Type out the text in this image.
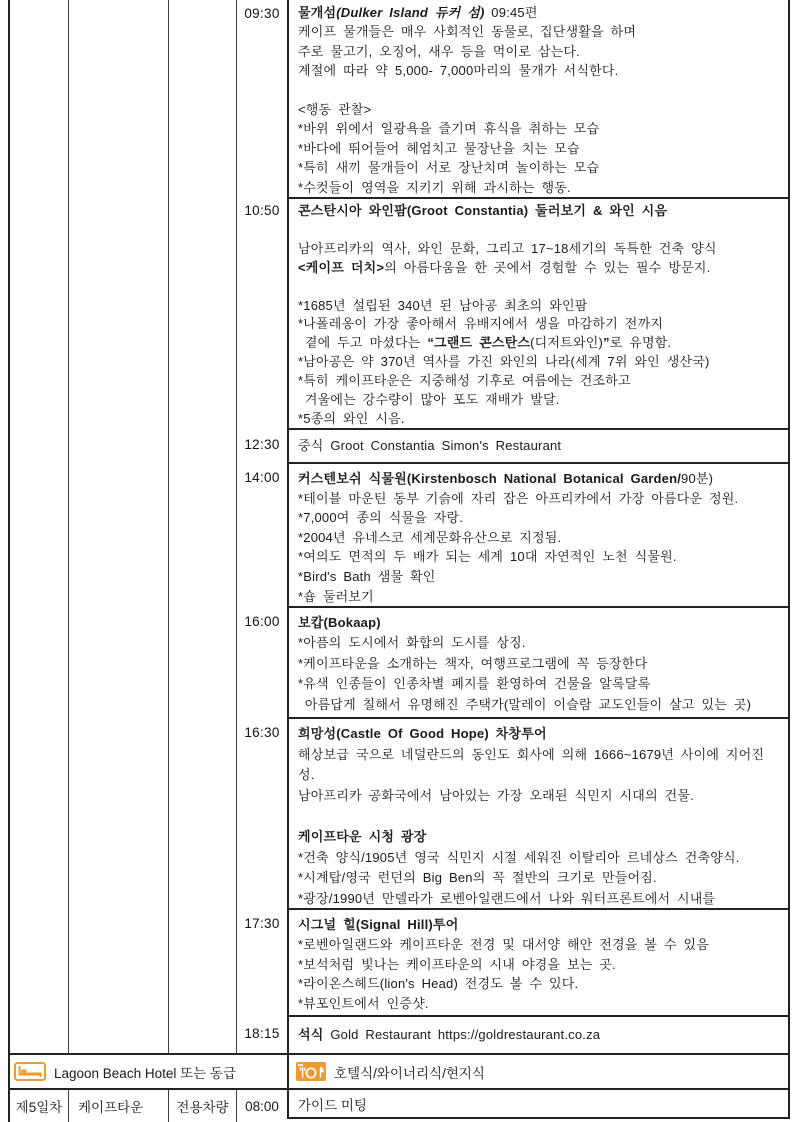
09:30	물개섬(Dulker Island 듀커 섬) 09:45편
케이프 물개들은 매우 사회적인 동물로, 집단생활을 하며
주로 물고기, 오징어, 새우 등을 먹이로 삼는다.
계절에 따라 약 5,000- 7,000마리의 물개가 서식한다.

<행동 관찰>
*바위 위에서 일광욕을 즐기며 휴식을 취하는 모습
*바다에 뛰어들어 헤엄치고 물장난을 치는 모습
*특히 새끼 물개들이 서로 장난치며 놀이하는 모습
*수컷들이 영역을 지키기 위해 과시하는 행동.
10:50	콘스탄시아 와인팜(Groot Constantia) 둘러보기 & 와인 시음

남아프리카의 역사, 와인 문화, 그리고 17~18세기의 독특한 건축 양식
<케이프 더치>의 아름다움을 한 곳에서 경험할 수 있는 필수 방문지.

*1685년 설립된 340년 된 남아공 최초의 와인팜
*나폴레옹이 가장 좋아해서 유배지에서 생을 마감하기 전까지
곁에 두고 마셨다는 “그랜드 콘스탄스(디저트와인)”로 유명함.
*남아공은 약 370년 역사를 가진 와인의 나라(세계 7위 와인 생산국)
*특히 케이프타운은 지중해성 기후로 여름에는 건조하고
겨울에는 강수량이 많아 포도 재배가 발달.
*5종의 와인 시음.
12:30	중식 Groot Constantia Simon's Restaurant
14:00	커스텐보쉬 식물원(Kirstenbosch National Botanical Garden/90분)
*테이블 마운틴 동부 기슭에 자리 잡은 아프리카에서 가장 아름다운 정원.
*7,000여 종의 식물을 자랑.
*2004년 유네스코 세계문화유산으로 지정됨.
*여의도 면적의 두 배가 되는 세계 10대 자연적인 노천 식물원.
*Bird's Bath 샘물 확인
*숍 둘러보기
16:00	보캅(Bokaap)
*아픔의 도시에서 화합의 도시를 상징.
*케이프타운을 소개하는 책자, 여행프로그램에 꼭 등장한다
*유색 인종들이 인종차별 폐지를 환영하여 건물을 알록달록
아름답게 칠해서 유명해진 주택가(말레이 이슬람 교도인들이 살고 있는 곳)
16:30	희망성(Castle Of Good Hope) 차창투어
해상보급 국으로 네덜란드의 동인도 회사에 의해 1666~1679년 사이에 지어진 성.
남아프리카 공화국에서 남아있는 가장 오래된 식민지 시대의 건물.

케이프타운 시청 광장
*건축 양식/1905년 영국 식민지 시절 세워진 이탈리아 르네상스 건축양식.
*시계탑/영국 런던의 Big Ben의 꼭 절반의 크기로 만들어짐.
*광장/1990년 만델라가 로벤아일랜드에서 나와 워터프론트에서 시내를
17:30	시그널 힐(Signal Hill)투어
*로벤아일랜드와 케이프타운 전경 및 대서양 해안 전경을 볼 수 있음
*보석처럼 빛나는 케이프타운의 시내 야경을 보는 곳.
*라이온스헤드(lion's Head) 전경도 볼 수 있다.
*뷰포인트에서 인증샷.
18:15	석식 Gold Restaurant https://goldrestaurant.co.za
Lagoon Beach Hotel 또는 동급	호텔식/와이너리식/현지식
제5일차	케이프타운	전용차량	08:00	가이드 미팅
